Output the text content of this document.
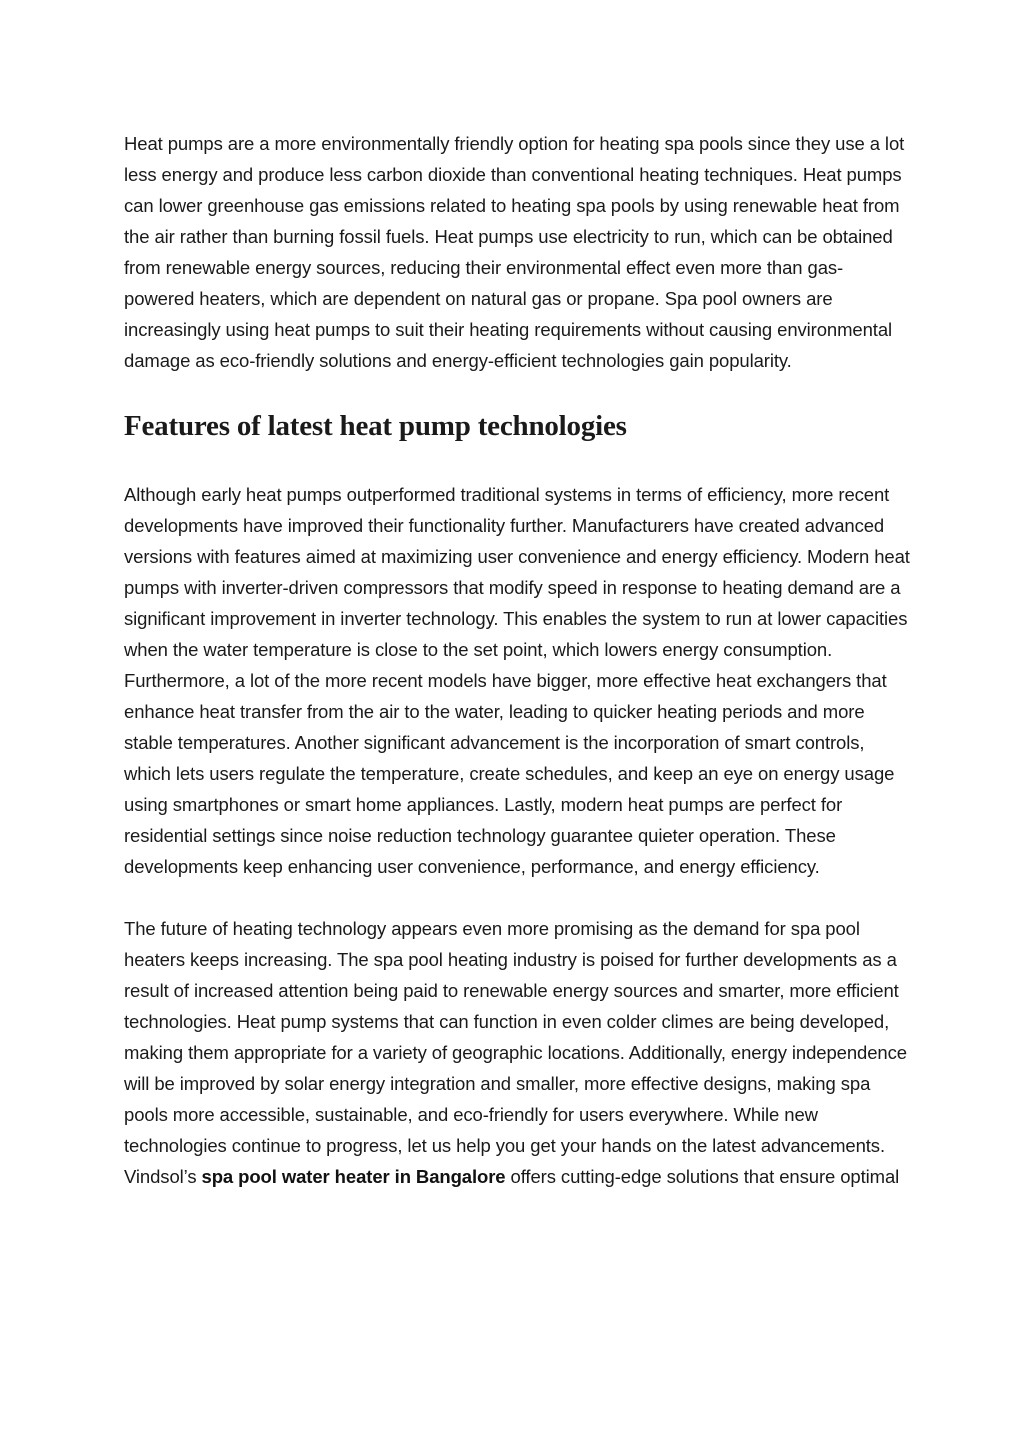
Heat pumps are a more environmentally friendly option for heating spa pools since they use a lot less energy and produce less carbon dioxide than conventional heating techniques. Heat pumps can lower greenhouse gas emissions related to heating spa pools by using renewable heat from the air rather than burning fossil fuels. Heat pumps use electricity to run, which can be obtained from renewable energy sources, reducing their environmental effect even more than gas-powered heaters, which are dependent on natural gas or propane. Spa pool owners are increasingly using heat pumps to suit their heating requirements without causing environmental damage as eco-friendly solutions and energy-efficient technologies gain popularity.

Features of latest heat pump technologies

Although early heat pumps outperformed traditional systems in terms of efficiency, more recent developments have improved their functionality further. Manufacturers have created advanced versions with features aimed at maximizing user convenience and energy efficiency. Modern heat pumps with inverter-driven compressors that modify speed in response to heating demand are a significant improvement in inverter technology. This enables the system to run at lower capacities when the water temperature is close to the set point, which lowers energy consumption. Furthermore, a lot of the more recent models have bigger, more effective heat exchangers that enhance heat transfer from the air to the water, leading to quicker heating periods and more stable temperatures. Another significant advancement is the incorporation of smart controls, which lets users regulate the temperature, create schedules, and keep an eye on energy usage using smartphones or smart home appliances. Lastly, modern heat pumps are perfect for residential settings since noise reduction technology guarantee quieter operation. These developments keep enhancing user convenience, performance, and energy efficiency.

The future of heating technology appears even more promising as the demand for spa pool heaters keeps increasing. The spa pool heating industry is poised for further developments as a result of increased attention being paid to renewable energy sources and smarter, more efficient technologies. Heat pump systems that can function in even colder climes are being developed, making them appropriate for a variety of geographic locations. Additionally, energy independence will be improved by solar energy integration and smaller, more effective designs, making spa pools more accessible, sustainable, and eco-friendly for users everywhere. While new technologies continue to progress, let us help you get your hands on the latest advancements. Vindsol’s spa pool water heater in Bangalore offers cutting-edge solutions that ensure optimal
